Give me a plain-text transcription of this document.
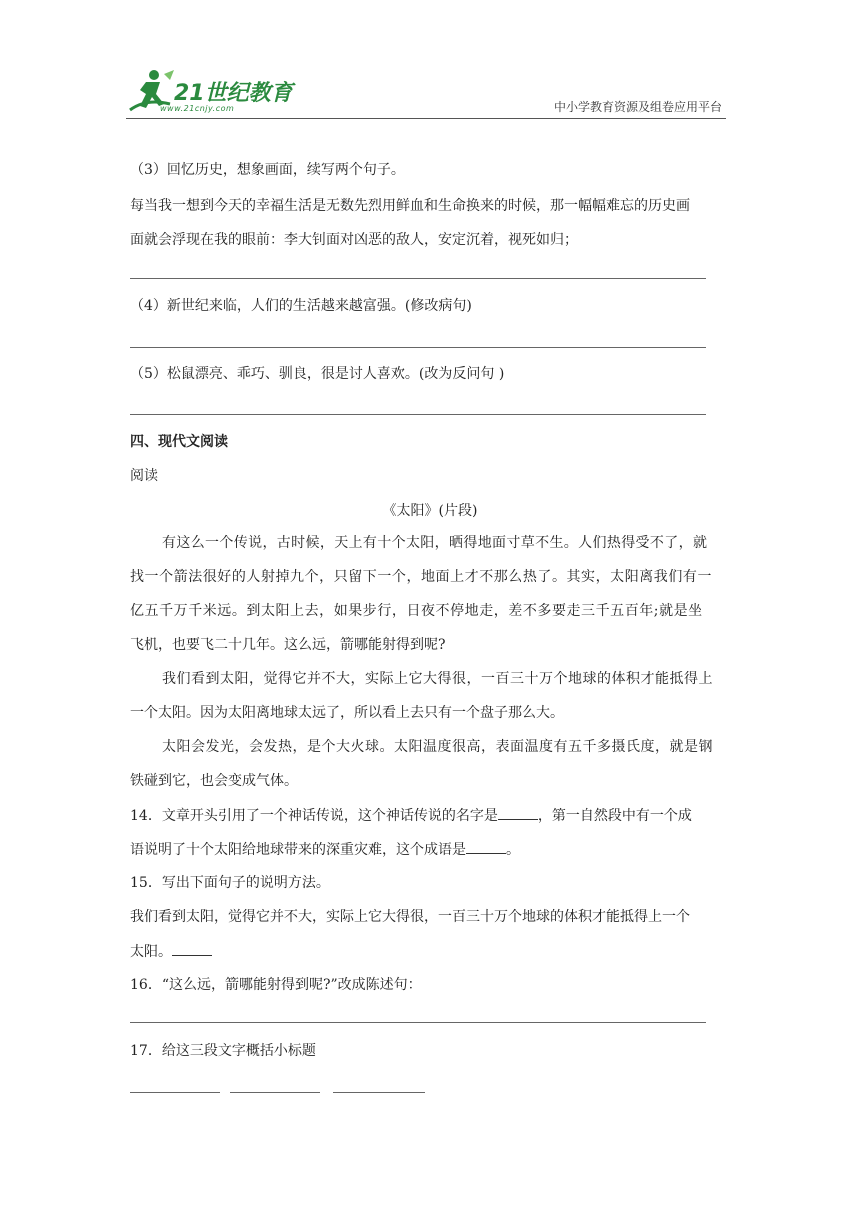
21世纪教育
www.21cnjy.com	中小学教育资源及组卷应用平台
（3）回忆历史，想象画面，续写两个句子。
每当我一想到今天的幸福生活是无数先烈用鲜血和生命换来的时候，那一幅幅难忘的历史画
面就会浮现在我的眼前：李大钊面对凶恶的敌人，安定沉着，视死如归；
（4）新世纪来临，人们的生活越来越富强。(修改病句)
（5）松鼠漂亮、乖巧、驯良，很是讨人喜欢。(改为反问句 )
四、现代文阅读
阅读
《太阳》(片段)
有这么一个传说，古时候，天上有十个太阳，晒得地面寸草不生。人们热得受不了，就
找一个箭法很好的人射掉九个，只留下一个，地面上才不那么热了。其实，太阳离我们有一
亿五千万千米远。到太阳上去，如果步行，日夜不停地走，差不多要走三千五百年;就是坐
飞机，也要飞二十几年。这么远，箭哪能射得到呢?
我们看到太阳，觉得它并不大，实际上它大得很，一百三十万个地球的体积才能抵得上
一个太阳。因为太阳离地球太远了，所以看上去只有一个盘子那么大。
太阳会发光，会发热，是个大火球。太阳温度很高，表面温度有五千多摄氏度，就是钢
铁碰到它，也会变成气体。
14．文章开头引用了一个神话传说，这个神话传说的名字是	，第一自然段中有一个成
语说明了十个太阳给地球带来的深重灾难，这个成语是	。
15．写出下面句子的说明方法。
我们看到太阳，觉得它并不大，实际上它大得很，一百三十万个地球的体积才能抵得上一个
太阳。
16．“这么远，箭哪能射得到呢?”改成陈述句：
17．给这三段文字概括小标题
